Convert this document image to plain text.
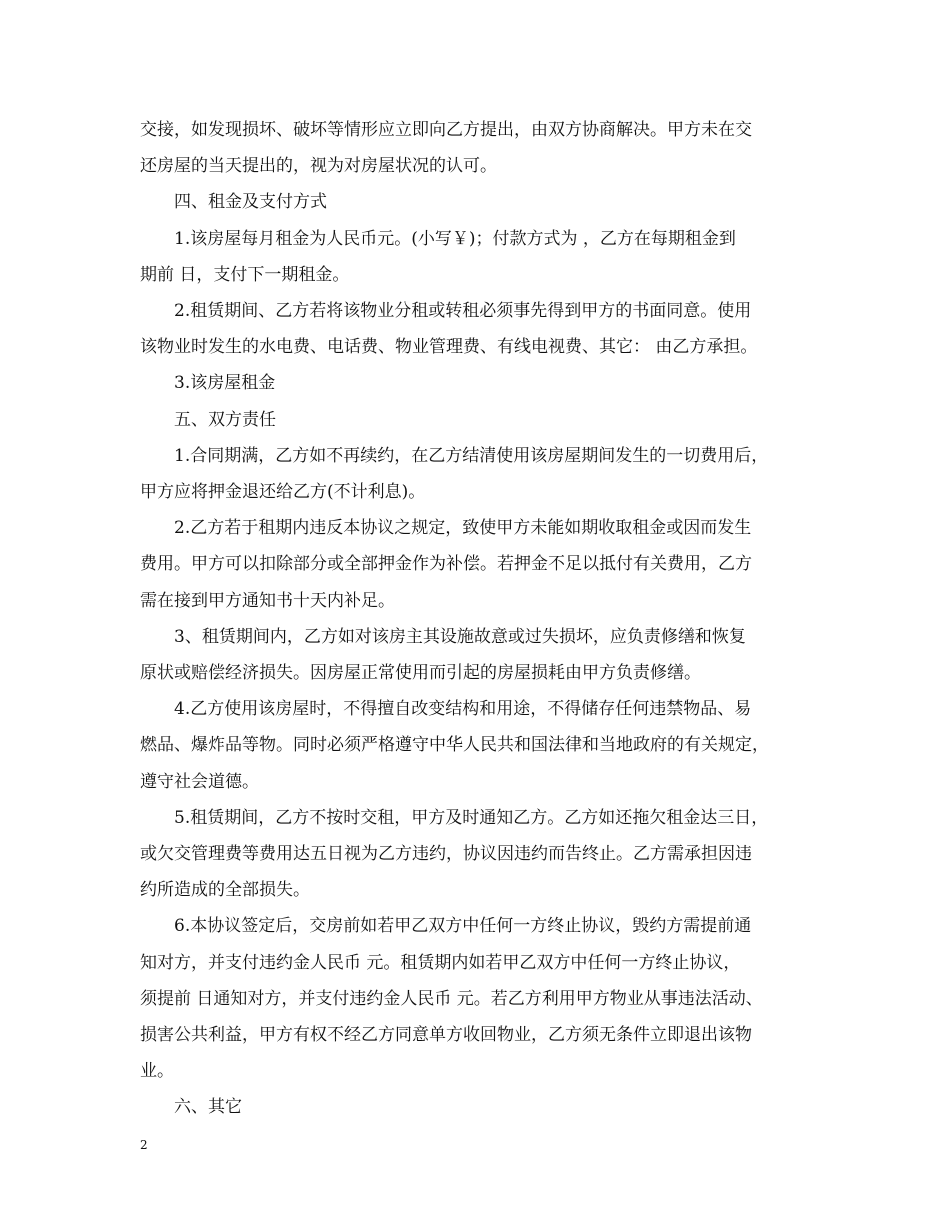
交接，如发现损坏、破坏等情形应立即向乙方提出，由双方协商解决。甲方未在交
还房屋的当天提出的，视为对房屋状况的认可。
四、租金及支付方式
1.该房屋每月租金为人民币元。(小写￥)；付款方式为 ，乙方在每期租金到
期前 日，支付下一期租金。
2.租赁期间、乙方若将该物业分租或转租必须事先得到甲方的书面同意。使用
该物业时发生的水电费、电话费、物业管理费、有线电视费、其它： 由乙方承担。
3.该房屋租金
五、双方责任
1.合同期满，乙方如不再续约，在乙方结清使用该房屋期间发生的一切费用后，
甲方应将押金退还给乙方(不计利息)。
2.乙方若于租期内违反本协议之规定，致使甲方未能如期收取租金或因而发生
费用。甲方可以扣除部分或全部押金作为补偿。若押金不足以抵付有关费用，乙方
需在接到甲方通知书十天内补足。
3、租赁期间内，乙方如对该房主其设施故意或过失损坏，应负责修缮和恢复
原状或赔偿经济损失。因房屋正常使用而引起的房屋损耗由甲方负责修缮。
4.乙方使用该房屋时，不得擅自改变结构和用途，不得储存任何违禁物品、易
燃品、爆炸品等物。同时必须严格遵守中华人民共和国法律和当地政府的有关规定，
遵守社会道德。
5.租赁期间，乙方不按时交租，甲方及时通知乙方。乙方如还拖欠租金达三日，
或欠交管理费等费用达五日视为乙方违约，协议因违约而告终止。乙方需承担因违
约所造成的全部损失。
6.本协议签定后，交房前如若甲乙双方中任何一方终止协议，毁约方需提前通
知对方，并支付违约金人民币 元。租赁期内如若甲乙双方中任何一方终止协议，
须提前 日通知对方，并支付违约金人民币 元。若乙方利用甲方物业从事违法活动、
损害公共利益，甲方有权不经乙方同意单方收回物业，乙方须无条件立即退出该物
业。
六、其它
2
